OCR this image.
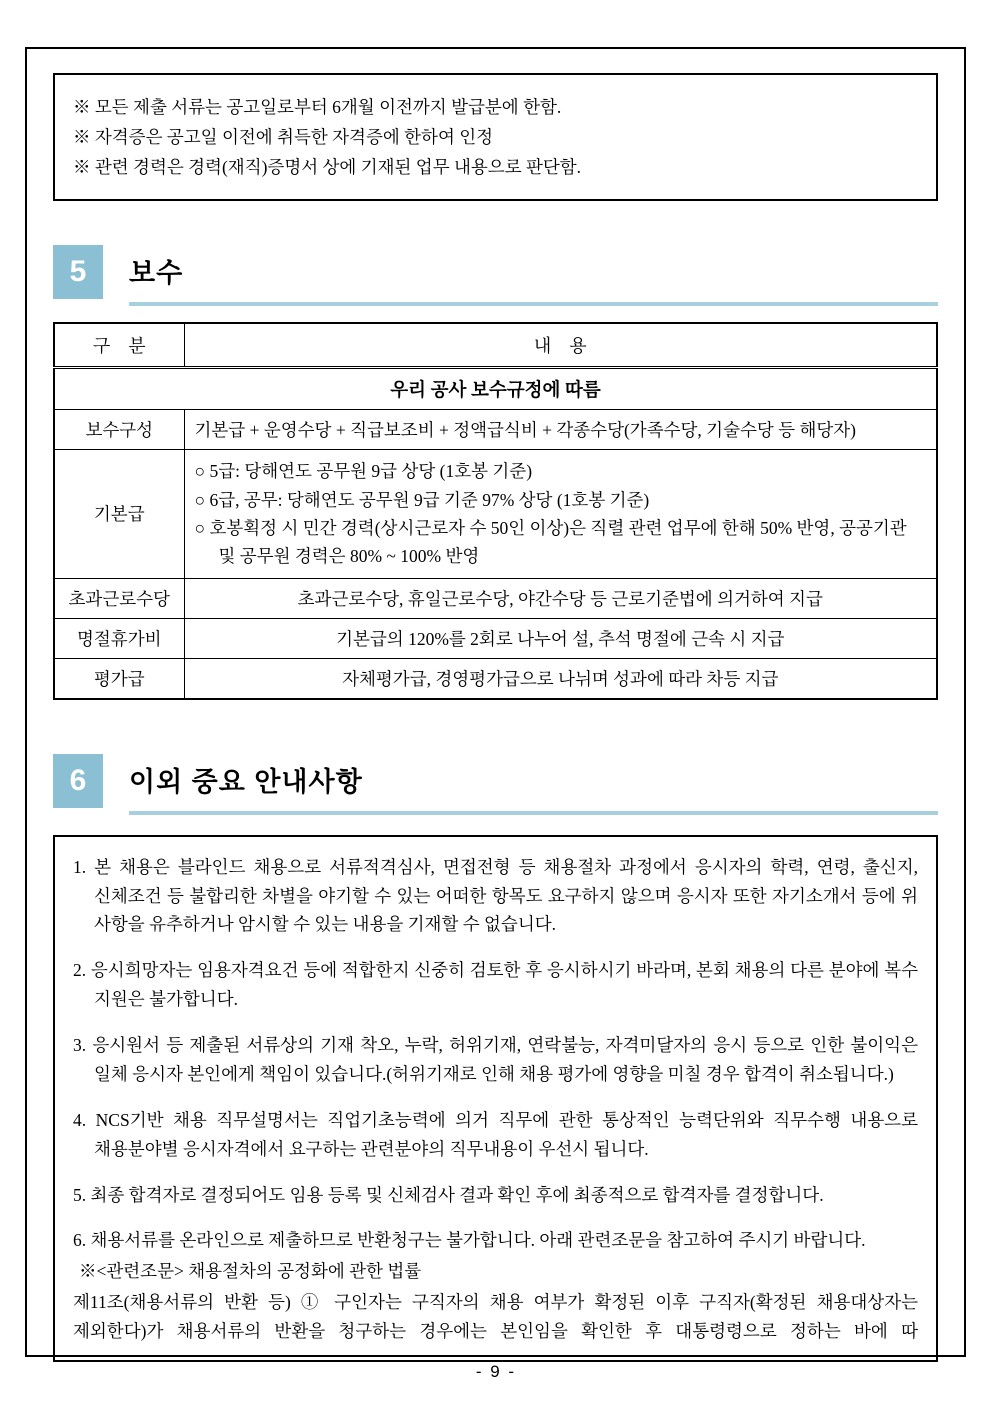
※ 모든 제출 서류는 공고일로부터 6개월 이전까지 발급분에 한함.

※ 자격증은 공고일 이전에 취득한 자격증에 한하여 인정

※ 관련 경력은 경력(재직)증명서 상에 기재된 업무 내용으로 판단함.

5	보수
구　분	내　용
우리 공사 보수규정에 따름	
보수구성	기본급 + 운영수당 + 직급보조비 + 정액급식비 + 각종수당(가족수당, 기술수당 등 해당자)
기본급	○ 5급: 당해연도 공무원 9급 상당 (1호봉 기준)
○ 6급, 공무: 당해연도 공무원 9급 기준 97% 상당 (1호봉 기준)
○ 호봉획정 시 민간 경력(상시근로자 수 50인 이상)은 직렬 관련 업무에 한해 50% 반영, 공공기관 및 공무원 경력은 80% ~ 100% 반영

초과근로수당	초과근로수당, 휴일근로수당, 야간수당 등 근로기준법에 의거하여 지급
명절휴가비	기본급의 120%를 2회로 나누어 설, 추석 명절에 근속 시 지급
평가급	자체평가급, 경영평가급으로 나뉘며 성과에 따라 차등 지급
6	이외 중요 안내사항

1. 본 채용은 블라인드 채용으로 서류적격심사, 면접전형 등 채용절차 과정에서 응시자의 학력, 연령, 출신지, 신체조건 등 불합리한 차별을 야기할 수 있는 어떠한 항목도 요구하지 않으며 응시자 또한 자기소개서 등에 위 사항을 유추하거나 암시할 수 있는 내용을 기재할 수 없습니다.

2. 응시희망자는 임용자격요건 등에 적합한지 신중히 검토한 후 응시하시기 바라며, 본회 채용의 다른 분야에 복수 지원은 불가합니다.

3. 응시원서 등 제출된 서류상의 기재 착오, 누락, 허위기재, 연락불능, 자격미달자의 응시 등으로 인한 불이익은 일체 응시자 본인에게 책임이 있습니다.(허위기재로 인해 채용 평가에 영향을 미칠 경우 합격이 취소됩니다.)

4. NCS기반 채용 직무설명서는 직업기초능력에 의거 직무에 관한 통상적인 능력단위와 직무수행 내용으로 채용분야별 응시자격에서 요구하는 관련분야의 직무내용이 우선시 됩니다.

5. 최종 합격자로 결정되어도 임용 등록 및 신체검사 결과 확인 후에 최종적으로 합격자를 결정합니다.

6. 채용서류를 온라인으로 제출하므로 반환청구는 불가합니다. 아래 관련조문을 참고하여 주시기 바랍니다.

※<관련조문> 채용절차의 공정화에 관한 법률

제11조(채용서류의 반환 등) ① 구인자는 구직자의 채용 여부가 확정된 이후 구직자(확정된 채용대상자는 제외한다)가 채용서류의 반환을 청구하는 경우에는 본인임을 확인한 후 대통령령으로 정하는 바에 따

- 9 -
